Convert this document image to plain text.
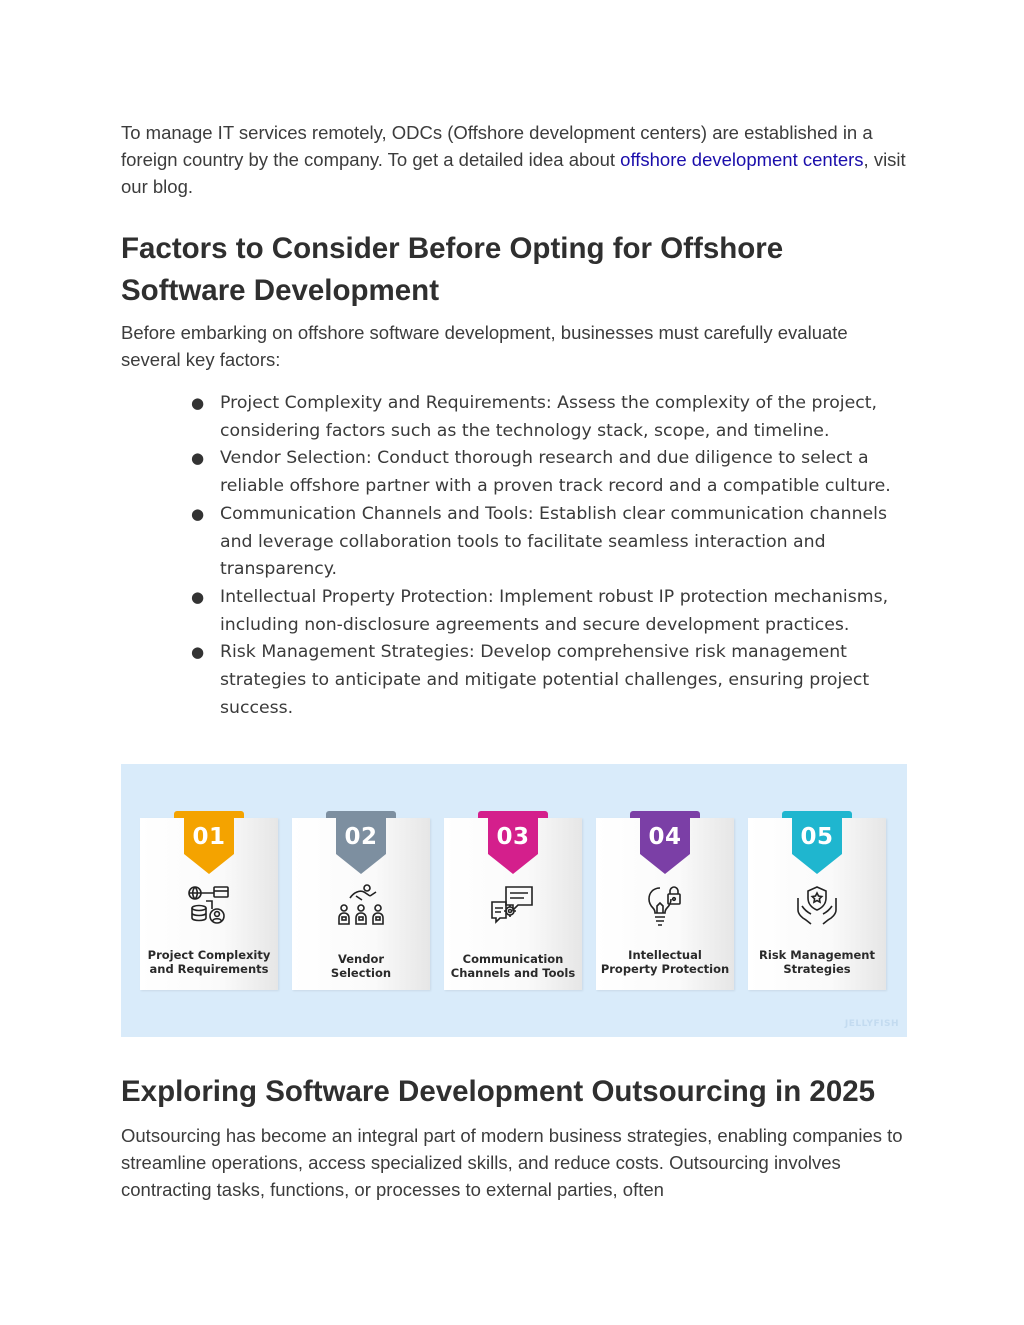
To manage IT services remotely, ODCs (Offshore development centers) are established in a foreign country by the company. To get a detailed idea about offshore development centers, visit our blog.

Factors to Consider Before Opting for Offshore Software Development

Before embarking on offshore software development, businesses must carefully evaluate several key factors:

● Project Complexity and Requirements: Assess the complexity of the project, considering factors such as the technology stack, scope, and timeline.
● Vendor Selection: Conduct thorough research and due diligence to select a reliable offshore partner with a proven track record and a compatible culture.
● Communication Channels and Tools: Establish clear communication channels and leverage collaboration tools to facilitate seamless interaction and transparency.
● Intellectual Property Protection: Implement robust IP protection mechanisms, including non-disclosure agreements and secure development practices.
● Risk Management Strategies: Develop comprehensive risk management strategies to anticipate and mitigate potential challenges, ensuring project success.
01
Project Complexity
and Requirements
02
Vendor
Selection
03
Communication
Channels and Tools
04
Intellectual
Property Protection
05
Risk Management
Strategies
JELLYFISH
Exploring Software Development Outsourcing in 2025

Outsourcing has become an integral part of modern business strategies, enabling companies to streamline operations, access specialized skills, and reduce costs. Outsourcing involves contracting tasks, functions, or processes to external parties, often
